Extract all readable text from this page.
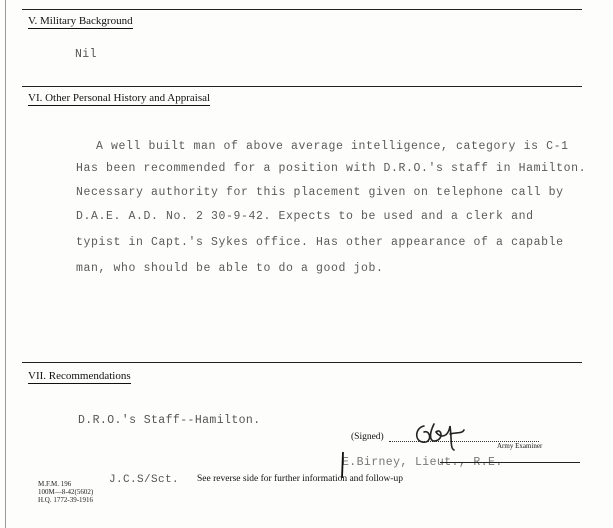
V. Military Background
Nil
VI. Other Personal History and Appraisal
A well built man of above average intelligence, category is C-1
Has been recommended for a position with D.R.O.'s staff in Hamilton.
Necessary authority for this placement given on telephone call by
D.A.E. A.D. No. 2 30-9-42. Expects to be used and a clerk and
typist in Capt.'s Sykes office. Has other appearance of a capable
man, who should be able to do a good job.
VII. Recommendations
D.R.O.'s Staff--Hamilton.
(Signed)
Army Examiner
E.Birney, Lieut., R.E.
M.F.M. 196
100M—8-42(5602)
H.Q. 1772-39-1916
J.C.S/Sct. See reverse side for further information and follow-up
